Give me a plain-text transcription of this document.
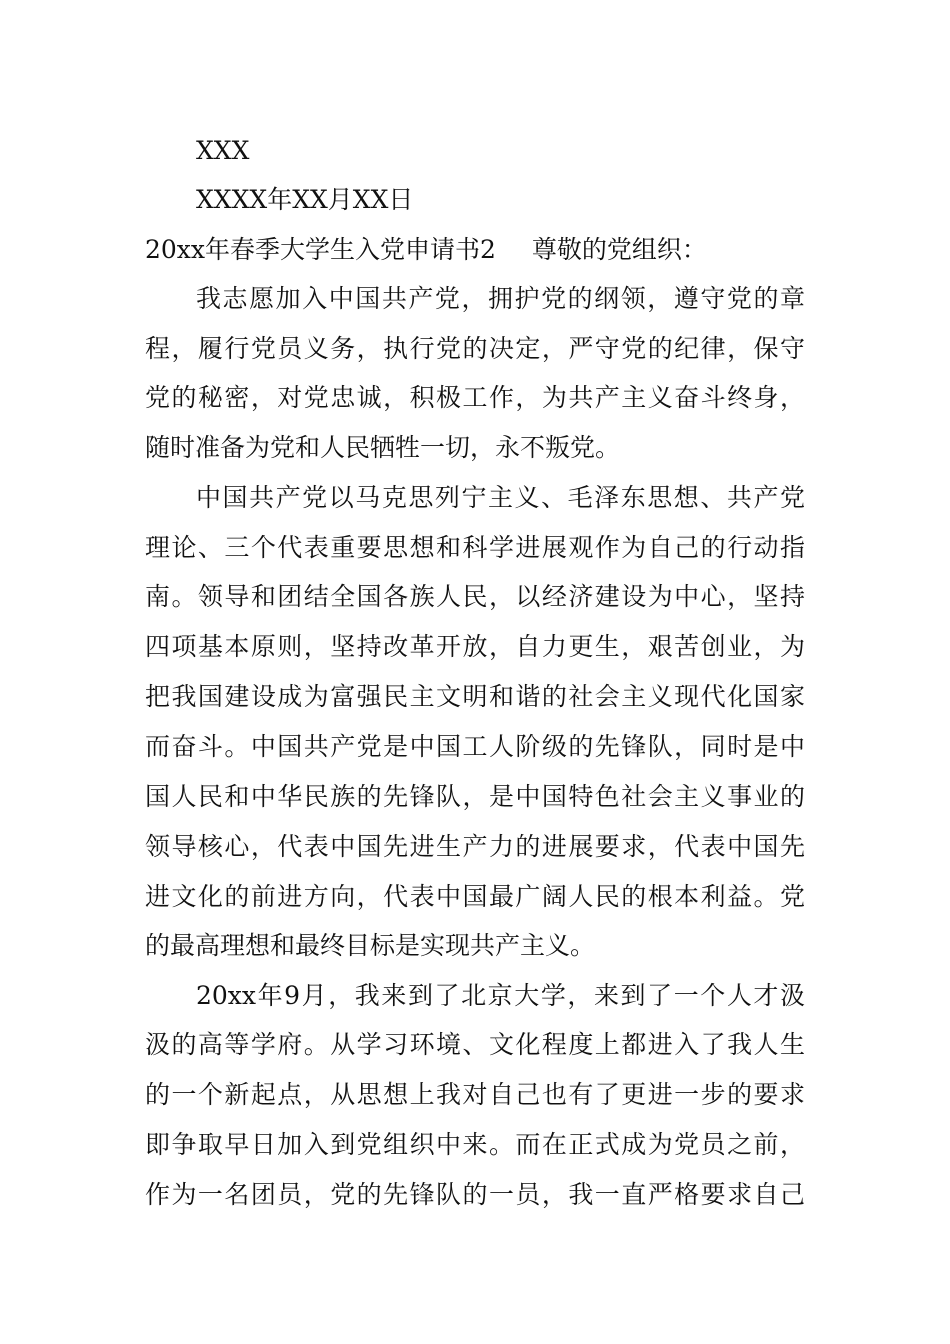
XXX
XXXX年XX月XX日
20xx年春季大学生入党申请书2 尊敬的党组织：
我志愿加入中国共产党，拥护党的纲领，遵守党的章
程，履行党员义务，执行党的决定，严守党的纪律，保守
党的秘密，对党忠诚，积极工作，为共产主义奋斗终身，
随时准备为党和人民牺牲一切，永不叛党。
中国共产党以马克思列宁主义、毛泽东思想、共产党
理论、三个代表重要思想和科学进展观作为自己的行动指
南。领导和团结全国各族人民，以经济建设为中心，坚持
四项基本原则，坚持改革开放，自力更生，艰苦创业，为
把我国建设成为富强民主文明和谐的社会主义现代化国家
而奋斗。中国共产党是中国工人阶级的先锋队，同时是中
国人民和中华民族的先锋队，是中国特色社会主义事业的
领导核心，代表中国先进生产力的进展要求，代表中国先
进文化的前进方向，代表中国最广阔人民的根本利益。党
的最高理想和最终目标是实现共产主义。
20xx年9月，我来到了北京大学，来到了一个人才汲
汲的高等学府。从学习环境、文化程度上都进入了我人生
的一个新起点，从思想上我对自己也有了更进一步的要求
即争取早日加入到党组织中来。而在正式成为党员之前，
作为一名团员，党的先锋队的一员，我一直严格要求自己
